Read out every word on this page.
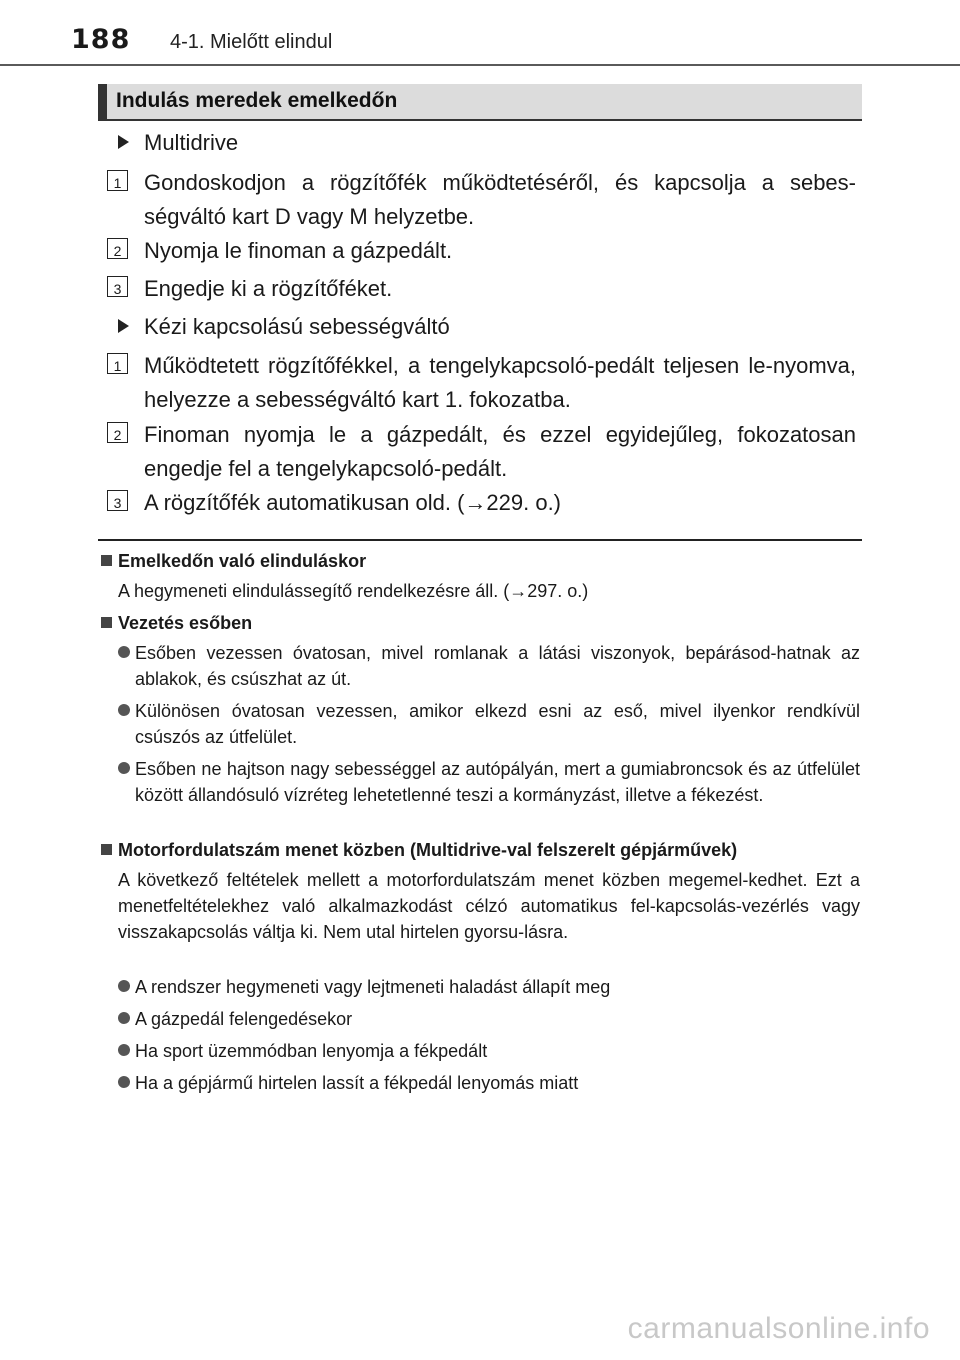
188 4-1. Mielőtt elindul
Indulás meredek emelkedőn
Multidrive
1	Gondoskodjon a rögzítőfék működtetéséről, és kapcsolja a sebes-ségváltó kart D vagy M helyzetbe.
2	Nyomja le finoman a gázpedált.
3	Engedje ki a rögzítőféket.
Kézi kapcsolású sebességváltó
1	Működtetett rögzítőfékkel, a tengelykapcsoló-pedált teljesen le-nyomva, helyezze a sebességváltó kart 1. fokozatba.
2	Finoman nyomja le a gázpedált, és ezzel egyidejűleg, fokozatosan engedje fel a tengelykapcsoló-pedált.
3	A rögzítőfék automatikusan old. (→229. o.)
Emelkedőn való elinduláskor
A hegymeneti elindulássegítő rendelkezésre áll. (→297. o.)
Vezetés esőben
Esőben vezessen óvatosan, mivel romlanak a látási viszonyok, bepárásod-hatnak az ablakok, és csúszhat az út.
Különösen óvatosan vezessen, amikor elkezd esni az eső, mivel ilyenkor rendkívül csúszós az útfelület.
Esőben ne hajtson nagy sebességgel az autópályán, mert a gumiabroncsok és az útfelület között állandósuló vízréteg lehetetlenné teszi a kormányzást, illetve a fékezést.
Motorfordulatszám menet közben (Multidrive-val felszerelt gépjárművek)
A következő feltételek mellett a motorfordulatszám menet közben megemel-kedhet. Ezt a menetfeltételekhez való alkalmazkodást célzó automatikus fel-kapcsolás-vezérlés vagy visszakapcsolás váltja ki. Nem utal hirtelen gyorsu-lásra.
A rendszer hegymeneti vagy lejtmeneti haladást állapít meg
A gázpedál felengedésekor
Ha sport üzemmódban lenyomja a fékpedált
Ha a gépjármű hirtelen lassít a fékpedál lenyomás miatt
carmanualsonline.info
